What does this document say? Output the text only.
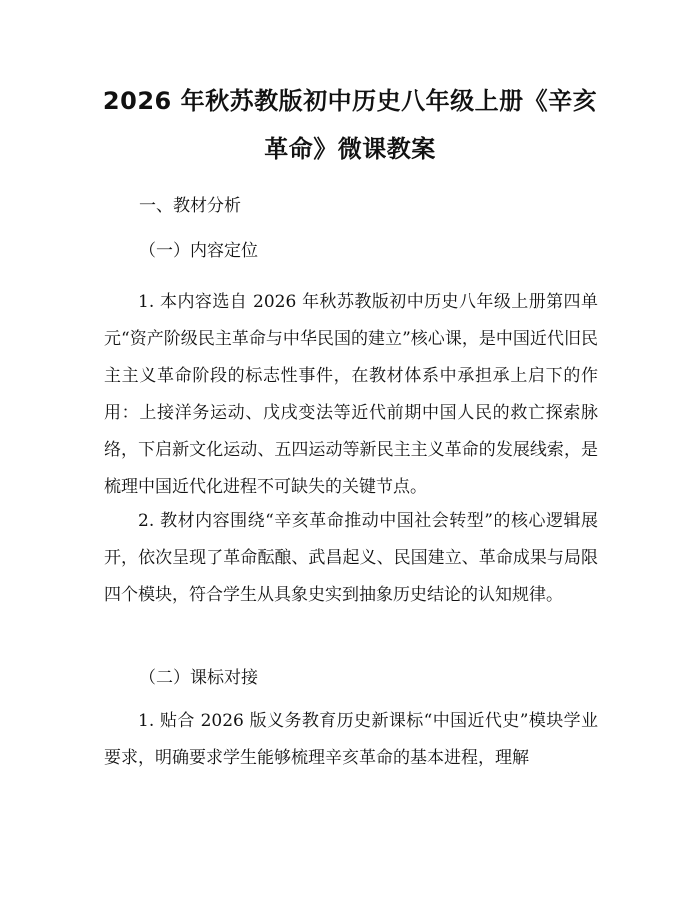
2026 年秋苏教版初中历史八年级上册《辛亥
革命》微课教案
一、教材分析
（一）内容定位
1. 本内容选自 2026 年秋苏教版初中历史八年级上册第四单元“资产阶级民主革命与中华民国的建立”核心课，是中国近代旧民主主义革命阶段的标志性事件，在教材体系中承担承上启下的作用：上接洋务运动、戊戌变法等近代前期中国人民的救亡探索脉络，下启新文化运动、五四运动等新民主主义革命的发展线索，是梳理中国近代化进程不可缺失的关键节点。
2. 教材内容围绕“辛亥革命推动中国社会转型”的核心逻辑展开，依次呈现了革命酝酿、武昌起义、民国建立、革命成果与局限四个模块，符合学生从具象史实到抽象历史结论的认知规律。
（二）课标对接
1. 贴合 2026 版义务教育历史新课标“中国近代史”模块学业要求，明确要求学生能够梳理辛亥革命的基本进程，理解
